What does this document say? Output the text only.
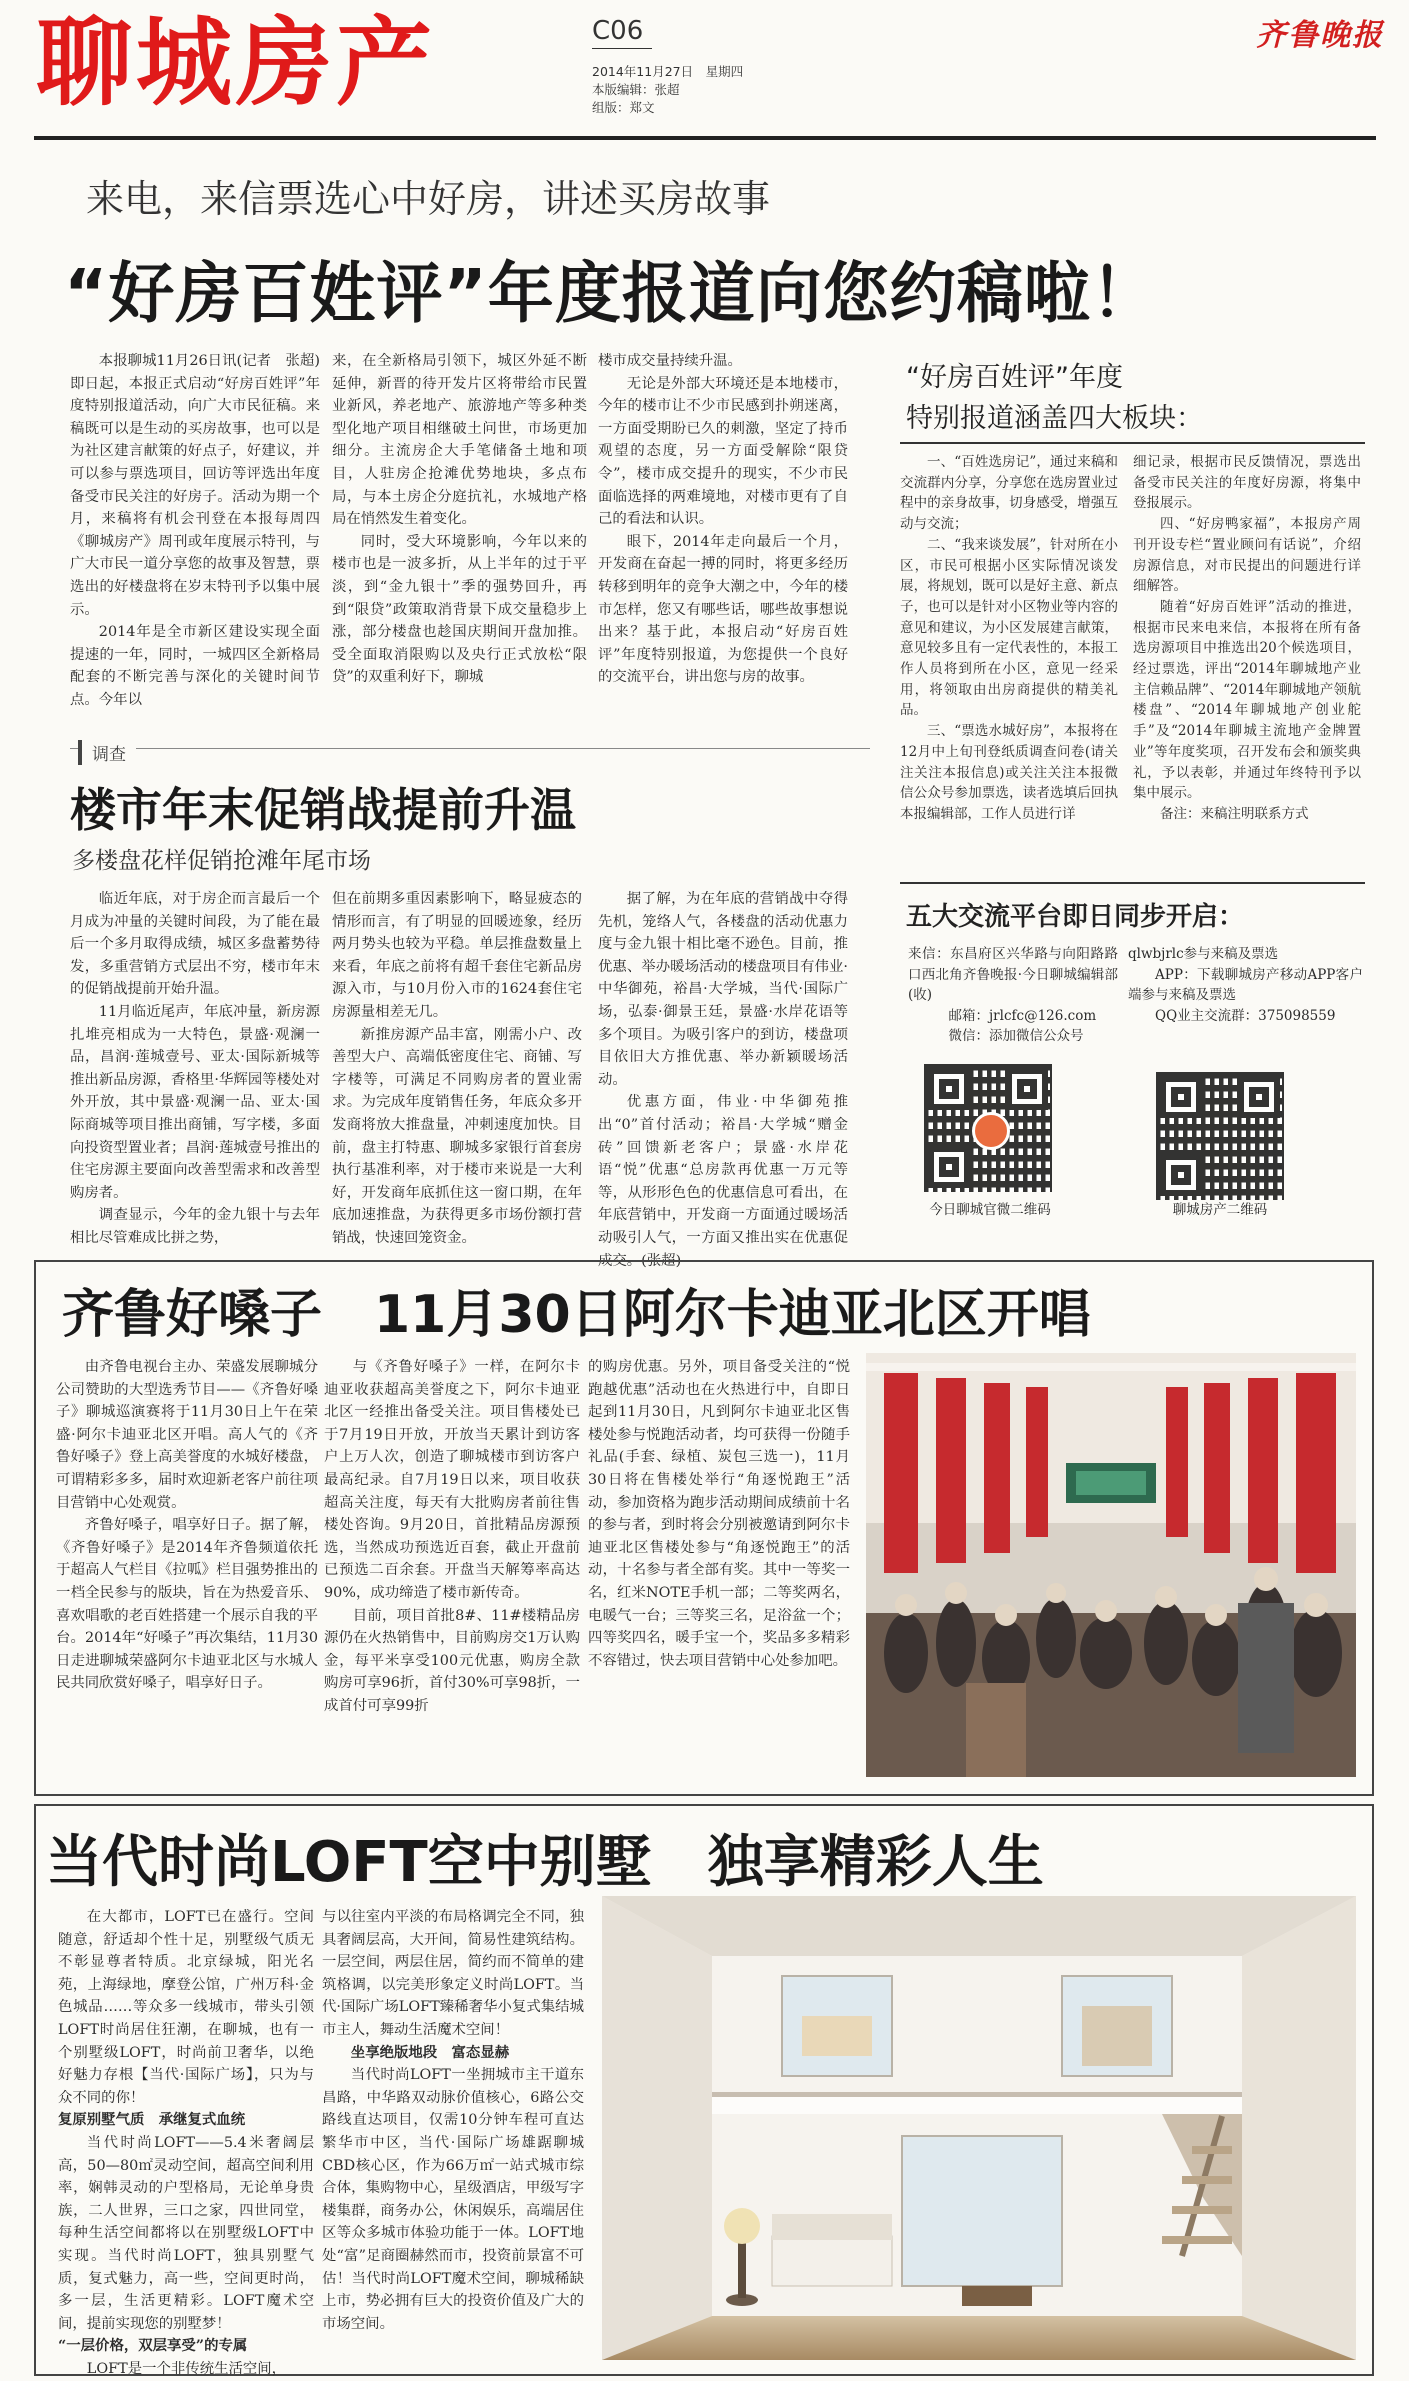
聊城房产	C06
2014年11月27日　星期四
本版编辑：张超
组版：郑文
齐鲁晚报
来电，来信票选心中好房，讲述买房故事
“好房百姓评”年度报道向您约稿啦！

本报聊城11月26日讯(记者　张超)　即日起，本报正式启动“好房百姓评”年度特别报道活动，向广大市民征稿。来稿既可以是生动的买房故事，也可以是为社区建言献策的好点子，好建议，并可以参与票选项目，回访等评选出年度备受市民关注的好房子。活动为期一个月，来稿将有机会刊登在本报每周四《聊城房产》周刊或年度展示特刊，与广大市民一道分享您的故事及智慧，票选出的好楼盘将在岁末特刊予以集中展示。

2014年是全市新区建设实现全面提速的一年，同时，一城四区全新格局配套的不断完善与深化的关键时间节点。今年以

来，在全新格局引领下，城区外延不断延伸，新晋的待开发片区将带给市民置业新风，养老地产、旅游地产等多种类型化地产项目相继破土问世，市场更加细分。主流房企大手笔储备土地和项目，人驻房企抢滩优势地块，多点布局，与本土房企分庭抗礼，水城地产格局在悄然发生着变化。

同时，受大环境影响，今年以来的楼市也是一波多折，从上半年的过于平淡，到“金九银十”季的强势回升，再到“限贷”政策取消背景下成交量稳步上涨，部分楼盘也趁国庆期间开盘加推。受全面取消限购以及央行正式放松“限贷”的双重利好下，聊城

楼市成交量持续升温。

无论是外部大环境还是本地楼市，今年的楼市让不少市民感到扑朔迷离，一方面受期盼已久的刺激，坚定了持币观望的态度，另一方面受解除“限贷令”，楼市成交提升的现实，不少市民面临选择的两难境地，对楼市更有了自己的看法和认识。

眼下，2014年走向最后一个月，开发商在奋起一搏的同时，将更多经历转移到明年的竞争大潮之中，今年的楼市怎样，您又有哪些话，哪些故事想说出来？基于此，本报启动“好房百姓评”年度特别报道，为您提供一个良好的交流平台，讲出您与房的故事。

“好房百姓评”年度
特别报道涵盖四大板块：

一、“百姓选房记”，通过来稿和交流群内分享，分享您在选房置业过程中的亲身故事，切身感受，增强互动与交流；

二、“我来谈发展”，针对所在小区，市民可根据小区实际情况谈发展，将规划，既可以是好主意、新点子，也可以是针对小区物业等内容的意见和建议，为小区发展建言献策，意见较多且有一定代表性的，本报工作人员将到所在小区，意见一经采用，将领取由出房商提供的精美礼品。

三、“票选水城好房”，本报将在12月中上旬刊登纸质调查问卷(请关注关注本报信息)或关注关注本报微信公众号参加票选，读者选填后回执本报编辑部，工作人员进行详

细记录，根据市民反馈情况，票选出备受市民关注的年度好房源，将集中登报展示。

四、“好房鸭家福”，本报房产周刊开设专栏“置业顾问有话说”，介绍房源信息，对市民提出的问题进行详细解答。

随着“好房百姓评”活动的推进，根据市民来电来信，本报将在所有备选房源项目中推选出20个候选项目，经过票选，评出“2014年聊城地产业主信赖品牌”、“2014年聊城地产领航楼盘”、“2014年聊城地产创业舵手”及“2014年聊城主流地产金牌置业”等年度奖项，召开发布会和颁奖典礼，予以表彰，并通过年终特刊予以集中展示。

备注：来稿注明联系方式

五大交流平台即日同步开启：

来信：东昌府区兴华路与向阳路路口西北角齐鲁晚报·今日聊城编辑部(收)

邮箱：jrlcfc@126.com

微信：添加微信公众号

qlwbjrlc参与来稿及票选

APP：下载聊城房产移动APP客户端参与来稿及票选

QQ业主交流群：375098559

今日聊城官微二维码	聊城房产二维码
调查
楼市年末促销战提前升温
多楼盘花样促销抢滩年尾市场

临近年底，对于房企而言最后一个月成为冲量的关键时间段，为了能在最后一个多月取得成绩，城区多盘蓄势待发，多重营销方式层出不穷，楼市年末的促销战提前开始升温。

11月临近尾声，年底冲量，新房源扎堆亮相成为一大特色，景盛·观澜一品，昌润·莲城壹号、亚太·国际新城等推出新品房源，香格里·华辉园等楼处对外开放，其中景盛·观澜一品、亚太·国际商城等项目推出商铺，写字楼，多面向投资型置业者；昌润·莲城壹号推出的住宅房源主要面向改善型需求和改善型购房者。

调查显示，今年的金九银十与去年相比尽管难成比拼之势，

但在前期多重因素影响下，略显疲态的情形而言，有了明显的回暖迹象，经历两月势头也较为平稳。单层推盘数量上来看，年底之前将有超千套住宅新品房源入市，与10月份入市的1624套住宅房源量相差无几。

新推房源产品丰富，刚需小户、改善型大户、高端低密度住宅、商铺、写字楼等，可满足不同购房者的置业需求。为完成年度销售任务，年底众多开发商将放大推盘量，冲刺速度加快。目前，盘主打特惠、聊城多家银行首套房执行基准利率，对于楼市来说是一大利好，开发商年底抓住这一窗口期，在年底加速推盘，为获得更多市场份额打营销战，快速回笼资金。

据了解，为在年底的营销战中夺得先机，笼络人气，各楼盘的活动优惠力度与金九银十相比毫不逊色。目前，推优惠、举办暖场活动的楼盘项目有伟业·中华御苑，裕昌·大学城，当代·国际广场，弘泰·御景王廷，景盛·水岸花语等多个项目。为吸引客户的到访，楼盘项目依旧大方推优惠、举办新颖暖场活动。

优惠方面，伟业·中华御苑推出“0”首付活动；裕昌·大学城“赠金砖”回馈新老客户；景盛·水岸花语“悦”优惠“总房款再优惠一万元等等，从形形色色的优惠信息可看出，在年底营销中，开发商一方面通过暖场活动吸引人气，一方面又推出实在优惠促成交。(张超)

齐鲁好嗓子　11月30日阿尔卡迪亚北区开唱

由齐鲁电视台主办、荣盛发展聊城分公司赞助的大型选秀节目——《齐鲁好嗓子》聊城巡演赛将于11月30日上午在荣盛·阿尔卡迪亚北区开唱。高人气的《齐鲁好嗓子》登上高美誉度的水城好楼盘，可谓精彩多多，届时欢迎新老客户前往项目营销中心处观赏。

齐鲁好嗓子，唱享好日子。据了解，《齐鲁好嗓子》是2014年齐鲁频道依托于超高人气栏目《拉呱》栏目强势推出的一档全民参与的版块，旨在为热爱音乐、喜欢唱歌的老百姓搭建一个展示自我的平台。2014年“好嗓子”再次集结，11月30日走进聊城荣盛阿尔卡迪亚北区与水城人民共同欣赏好嗓子，唱享好日子。

与《齐鲁好嗓子》一样，在阿尔卡迪亚收获超高美誉度之下，阿尔卡迪亚北区一经推出备受关注。项目售楼处已于7月19日开放，开放当天累计到访客户上万人次，创造了聊城楼市到访客户最高纪录。自7月19日以来，项目收获超高关注度，每天有大批购房者前往售楼处咨询。9月20日，首批精品房源预选，当然成功预选近百套，截止开盘前已预选二百余套。开盘当天解筹率高达90%，成功缔造了楼市新传奇。

目前，项目首批8#、11#楼精品房源仍在火热销售中，目前购房交1万认购金，每平米享受100元优惠，购房全款购房可享96折，首付30%可享98折，一成首付可享99折

的购房优惠。另外，项目备受关注的“悦跑越优惠”活动也在火热进行中，自即日起到11月30日，凡到阿尔卡迪亚北区售楼处参与悦跑活动者，均可获得一份随手礼品(手套、绿植、炭包三选一)，11月30日将在售楼处举行“角逐悦跑王”活动，参加资格为跑步活动期间成绩前十名的参与者，到时将会分别被邀请到阿尔卡迪亚北区售楼处参与“角逐悦跑王”的活动，十名参与者全部有奖。其中一等奖一名，红米NOTE手机一部；二等奖两名，电暖气一台；三等奖三名，足浴盆一个；四等奖四名，暖手宝一个，奖品多多精彩不容错过，快去项目营销中心处参加吧。

当代时尚LOFT空中别墅　独享精彩人生

在大都市，LOFT已在盛行。空间随意，舒适却个性十足，别墅级气质无不彰显尊者特质。北京绿城，阳光名苑，上海绿地，摩登公馆，广州万科·金色城品……等众多一线城市，带头引领LOFT时尚居住狂潮，在聊城，也有一个别墅级LOFT，时尚前卫奢华，以绝好魅力存根【当代·国际广场】，只为与众不同的你！

复原别墅气质　承继复式血统

当代时尚LOFT——5.4米奢阔层高，50—80㎡灵动空间，超高空间利用率，娴韩灵动的户型格局，无论单身贵族，二人世界，三口之家，四世同堂，每种生活空间都将以在别墅级LOFT中实现。当代时尚LOFT，独具别墅气质，复式魅力，高一些，空间更时尚，多一层，生活更精彩。LOFT魔术空间，提前实现您的别墅梦！

“一层价格，双层享受”的专属

LOFT是一个非传统生活空间，

与以往室内平淡的布局格调完全不同，独具奢阔层高，大开间，简易性建筑结构。一层空间，两层住居，简约而不简单的建筑格调，以完美形象定义时尚LOFT。当代·国际广场LOFT臻稀奢华小复式集结城市主人，舞动生活魔术空间！

坐享绝版地段　富态显赫

当代时尚LOFT一坐拥城市主干道东昌路，中华路双动脉价值核心，6路公交路线直达项目，仅需10分钟车程可直达繁华市中区，当代·国际广场雄踞聊城CBD核心区，作为66万㎡一站式城市综合体，集购物中心，星级酒店，甲级写字楼集群，商务办公，休闲娱乐，高端居住区等众多城市体验功能于一体。LOFT地处“富”足商圈赫然而市，投资前景富不可估！当代时尚LOFT魔术空间，聊城稀缺上市，势必拥有巨大的投资价值及广大的市场空间。
